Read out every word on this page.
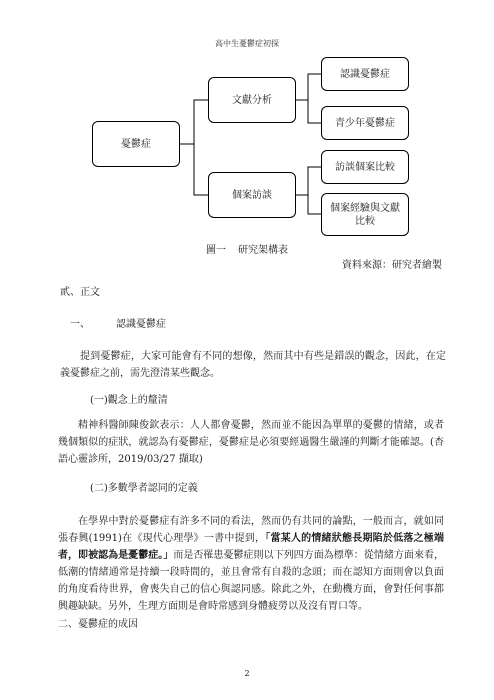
高中生憂鬱症初探
憂鬱症
文獻分析
個案訪談
認識憂鬱症
青少年憂鬱症
訪談個案比較
個案經驗與文獻比較
圖一 研究架構表
資料來源：研究者繪製
貳、正文
一、	認識憂鬱症
提到憂鬱症，大家可能會有不同的想像，然而其中有些是錯誤的觀念，因此，在定義憂鬱症之前，需先澄清某些觀念。
(一)觀念上的釐清
精神科醫師陳俊欽表示：人人都會憂鬱，然而並不能因為單單的憂鬱的情緒，或者幾個類似的症狀，就認為有憂鬱症，憂鬱症是必須要經過醫生嚴謹的判斷才能確認。(杏語心靈診所，2019/03/27 擷取)
(二)多數學者認同的定義
在學界中對於憂鬱症有許多不同的看法，然而仍有共同的論點，一般而言，就如同張春興(1991)在《現代心理學》一書中提到，「當某人的情緒狀態長期陷於低落之極端者，即被認為是憂鬱症。」而是否罹患憂鬱症則以下列四方面為標準：從情緒方面來看，低潮的情緒通常是持續一段時間的，並且會常有自殺的念頭；而在認知方面則會以負面的角度看待世界，會喪失自己的信心與認同感。除此之外，在動機方面，會對任何事都興趣缺缺。另外，生理方面則是會時常感到身體疲勞以及沒有胃口等。
二、憂鬱症的成因
2
